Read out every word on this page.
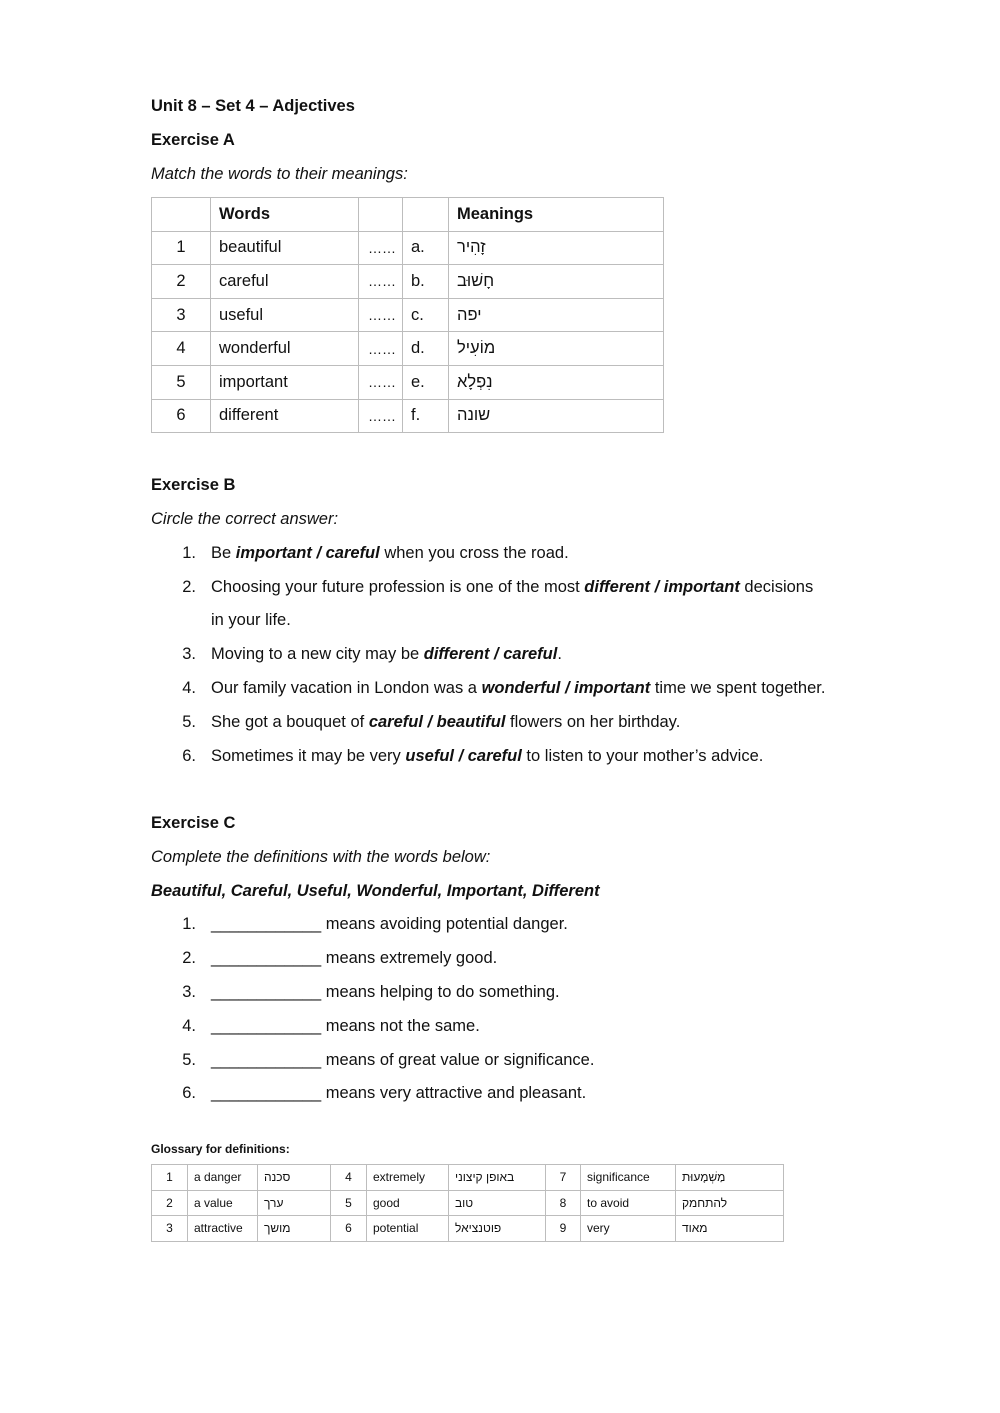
Unit 8 – Set 4 – Adjectives
Exercise A
Match the words to their meanings:
	Words			Meanings
1	beautiful	……	a.	זָהִיר
2	careful	……	b.	חָשׁוּב
3	useful	……	c.	יפה
4	wonderful	……	d.	מוֹעִיל
5	important	……	e.	נִפְלָא
6	different	……	f.	שונה
Exercise B
Circle the correct answer:
1. Be important / careful when you cross the road.
2. Choosing your future profession is one of the most different / important decisions
in your life.
3. Moving to a new city may be different / careful.
4. Our family vacation in London was a wonderful / important time we spent together.
5. She got a bouquet of careful / beautiful flowers on her birthday.
6. Sometimes it may be very useful / careful to listen to your mother’s advice.
Exercise C
Complete the definitions with the words below:
Beautiful, Careful, Useful, Wonderful, Important, Different
1. ____________ means avoiding potential danger.
2. ____________ means extremely good.
3. ____________ means helping to do something.
4. ____________ means not the same.
5. ____________ means of great value or significance.
6. ____________ means very attractive and pleasant.
Glossary for definitions:
1	a danger	סכנה	4	extremely	באופן קיצוני	7	significance	מַשְׁמָעוּת
2	a value	ערך	5	good	טוב	8	to avoid	להתחמק
3	attractive	מושך	6	potential	פוטנציאל	9	very	מאוד
